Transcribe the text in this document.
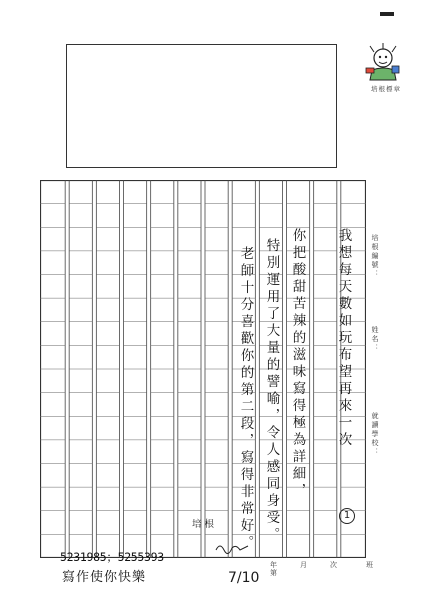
培根標章
我想每天數如玩布望再來一次
你把酸甜苦辣的滋味寫得極為詳細，
特別運用了大量的譬喻，令人感同身受。
老師十分喜歡你的第二段，寫得非常好。	1
培根編號：
姓名：
就讀學校：
培根
年	月	次	班
第
5231985；5255393
寫作使你快樂	7/10
